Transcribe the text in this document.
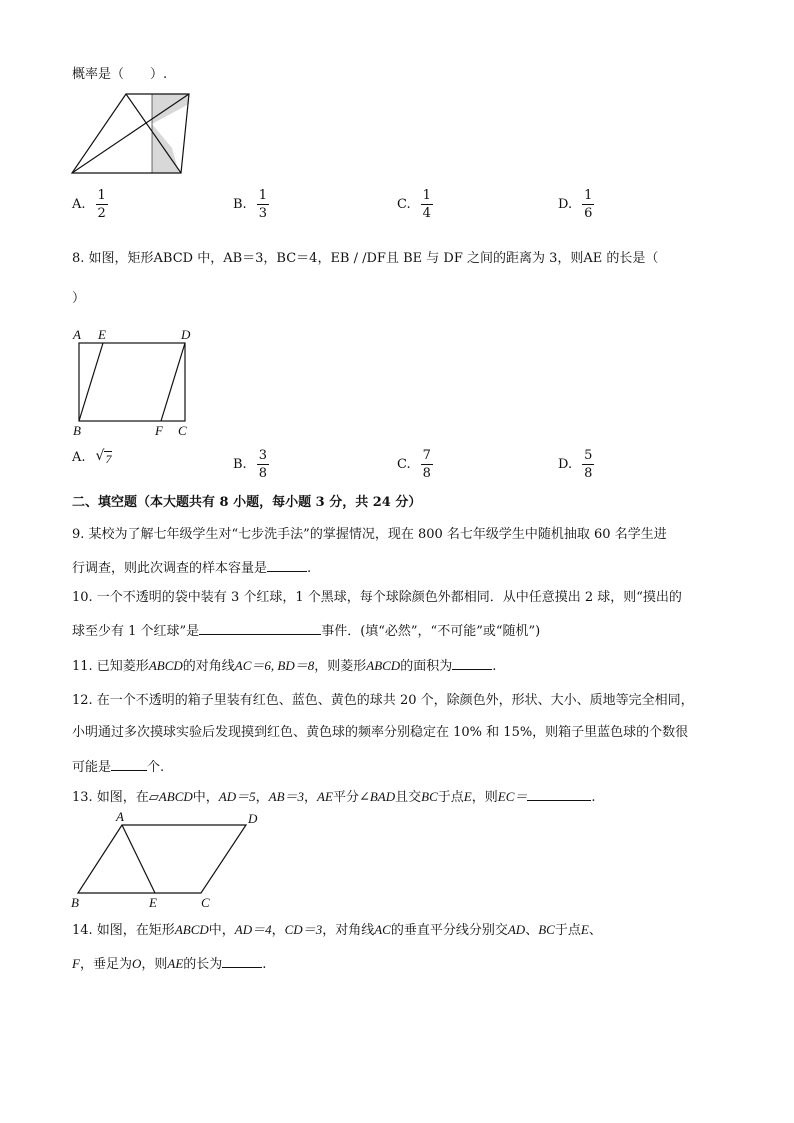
概率是（　　）.
A. $\frac{1}{2}$	B. $\frac{1}{3}$	C. $\frac{1}{4}$	D. $\frac{1}{6}$
8. 如图，矩形ABCD 中，AB＝3，BC＝4，EB / /DF且 BE 与 DF 之间的距离为 3，则AE 的长是（
）
A E	D
B	F C
A. √ 7	B. $\frac{3}{8}$	C. $\frac{7}{8}$	D. $\frac{5}{8}$
二、填空题（本大题共有 8 小题，每小题 3 分，共 24 分）
9. 某校为了解七年级学生对“七步洗手法”的掌握情况，现在 800 名七年级学生中随机抽取 60 名学生进
行调查，则此次调查的样本容量是	.
10. 一个不透明的袋中装有 3 个红球，1 个黑球，每个球除颜色外都相同．从中任意摸出 2 球，则“摸出的
球至少有 1 个红球”是	事件．(填“必然”，“不可能”或“随机”)
11. 已知菱形ABCD的对角线AC＝6, BD＝8，则菱形ABCD的面积为	.
12. 在一个不透明的箱子里装有红色、蓝色、黄色的球共 20 个，除颜色外，形状、大小、质地等完全相同，
小明通过多次摸球实验后发现摸到红色、黄色球的频率分别稳定在 10% 和 15%，则箱子里蓝色球的个数很
可能是	个.
13. 如图，在▱ABCD中，AD＝5，AB＝3，AE平分∠BAD且交BC于点E，则EC＝	.
A	D
B	E	C
14. 如图，在矩形ABCD中，AD＝4，CD＝3，对角线AC的垂直平分线分别交AD、BC于点E、
F，垂足为O，则AE的长为	.
